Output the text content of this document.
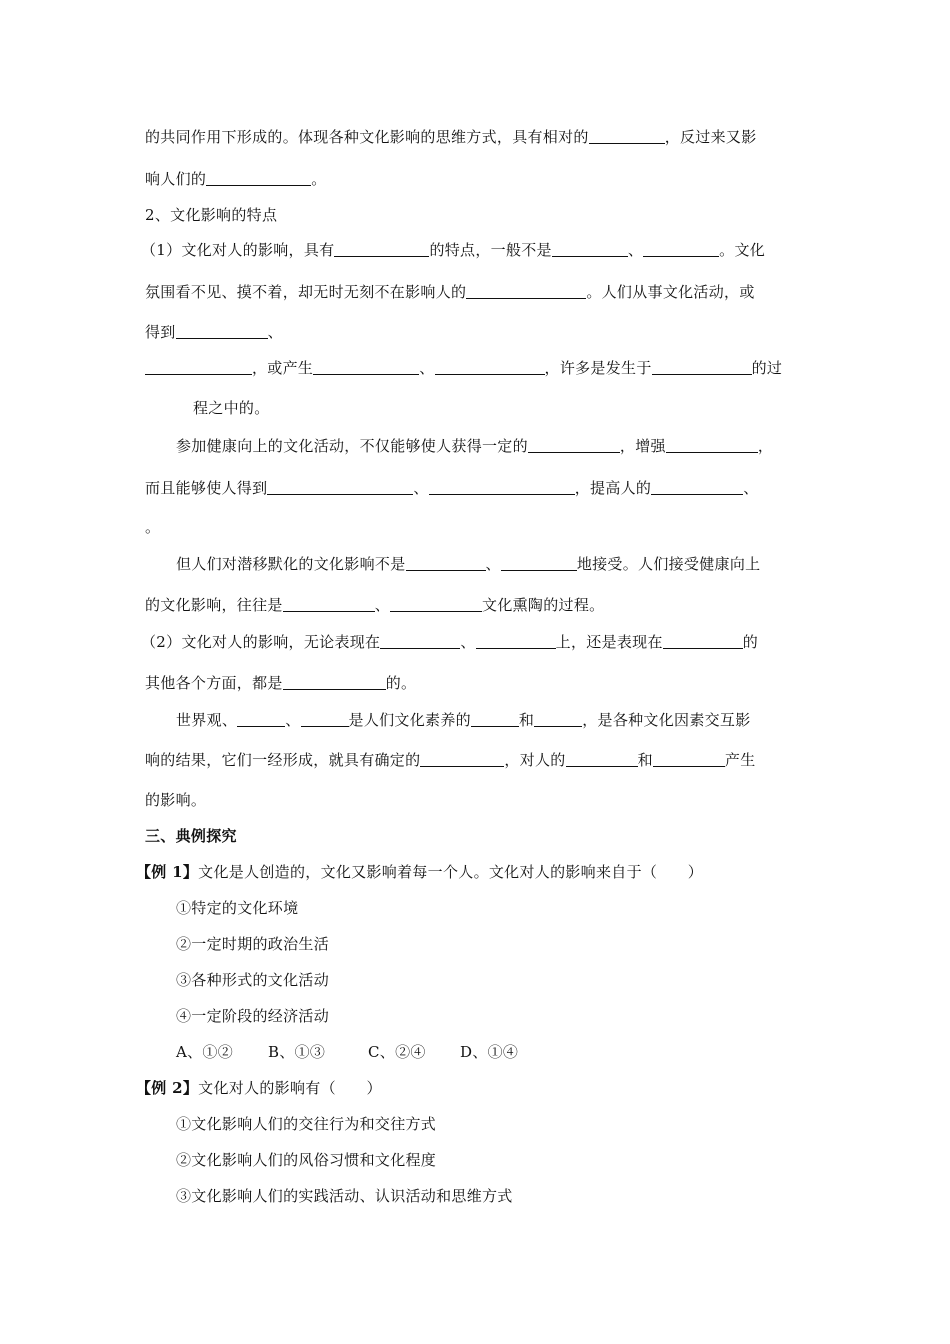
的共同作用下形成的。体现各种文化影响的思维方式，具有相对的	，反过来又影
响人们的	。
2、文化影响的特点
（1）文化对人的影响，具有	的特点，一般不是	、	。文化
氛围看不见、摸不着，却无时无刻不在影响人的	。人们从事文化活动，或
得到	、
，或产生	、	，许多是发生于	的过
程之中的。
参加健康向上的文化活动，不仅能够使人获得一定的	，增强	，
而且能够使人得到	、	，提高人的	、
。
但人们对潜移默化的文化影响不是	、	地接受。人们接受健康向上
的文化影响，往往是	、	文化熏陶的过程。
（2）文化对人的影响，无论表现在	、	上，还是表现在	的
其他各个方面，都是	的。
世界观、	、	是人们文化素养的	和	，是各种文化因素交互影
响的结果，它们一经形成，就具有确定的	，对人的	和	产生
的影响。
三、典例探究
【例 1】文化是人创造的，文化又影响着每一个人。文化对人的影响来自于（　　）
①特定的文化环境
②一定时期的政治生活
③各种形式的文化活动
④一定阶段的经济活动
A、①② B、①③	C、②④ D、①④
【例 2】文化对人的影响有（　　）
①文化影响人们的交往行为和交往方式
②文化影响人们的风俗习惯和文化程度
③文化影响人们的实践活动、认识活动和思维方式
